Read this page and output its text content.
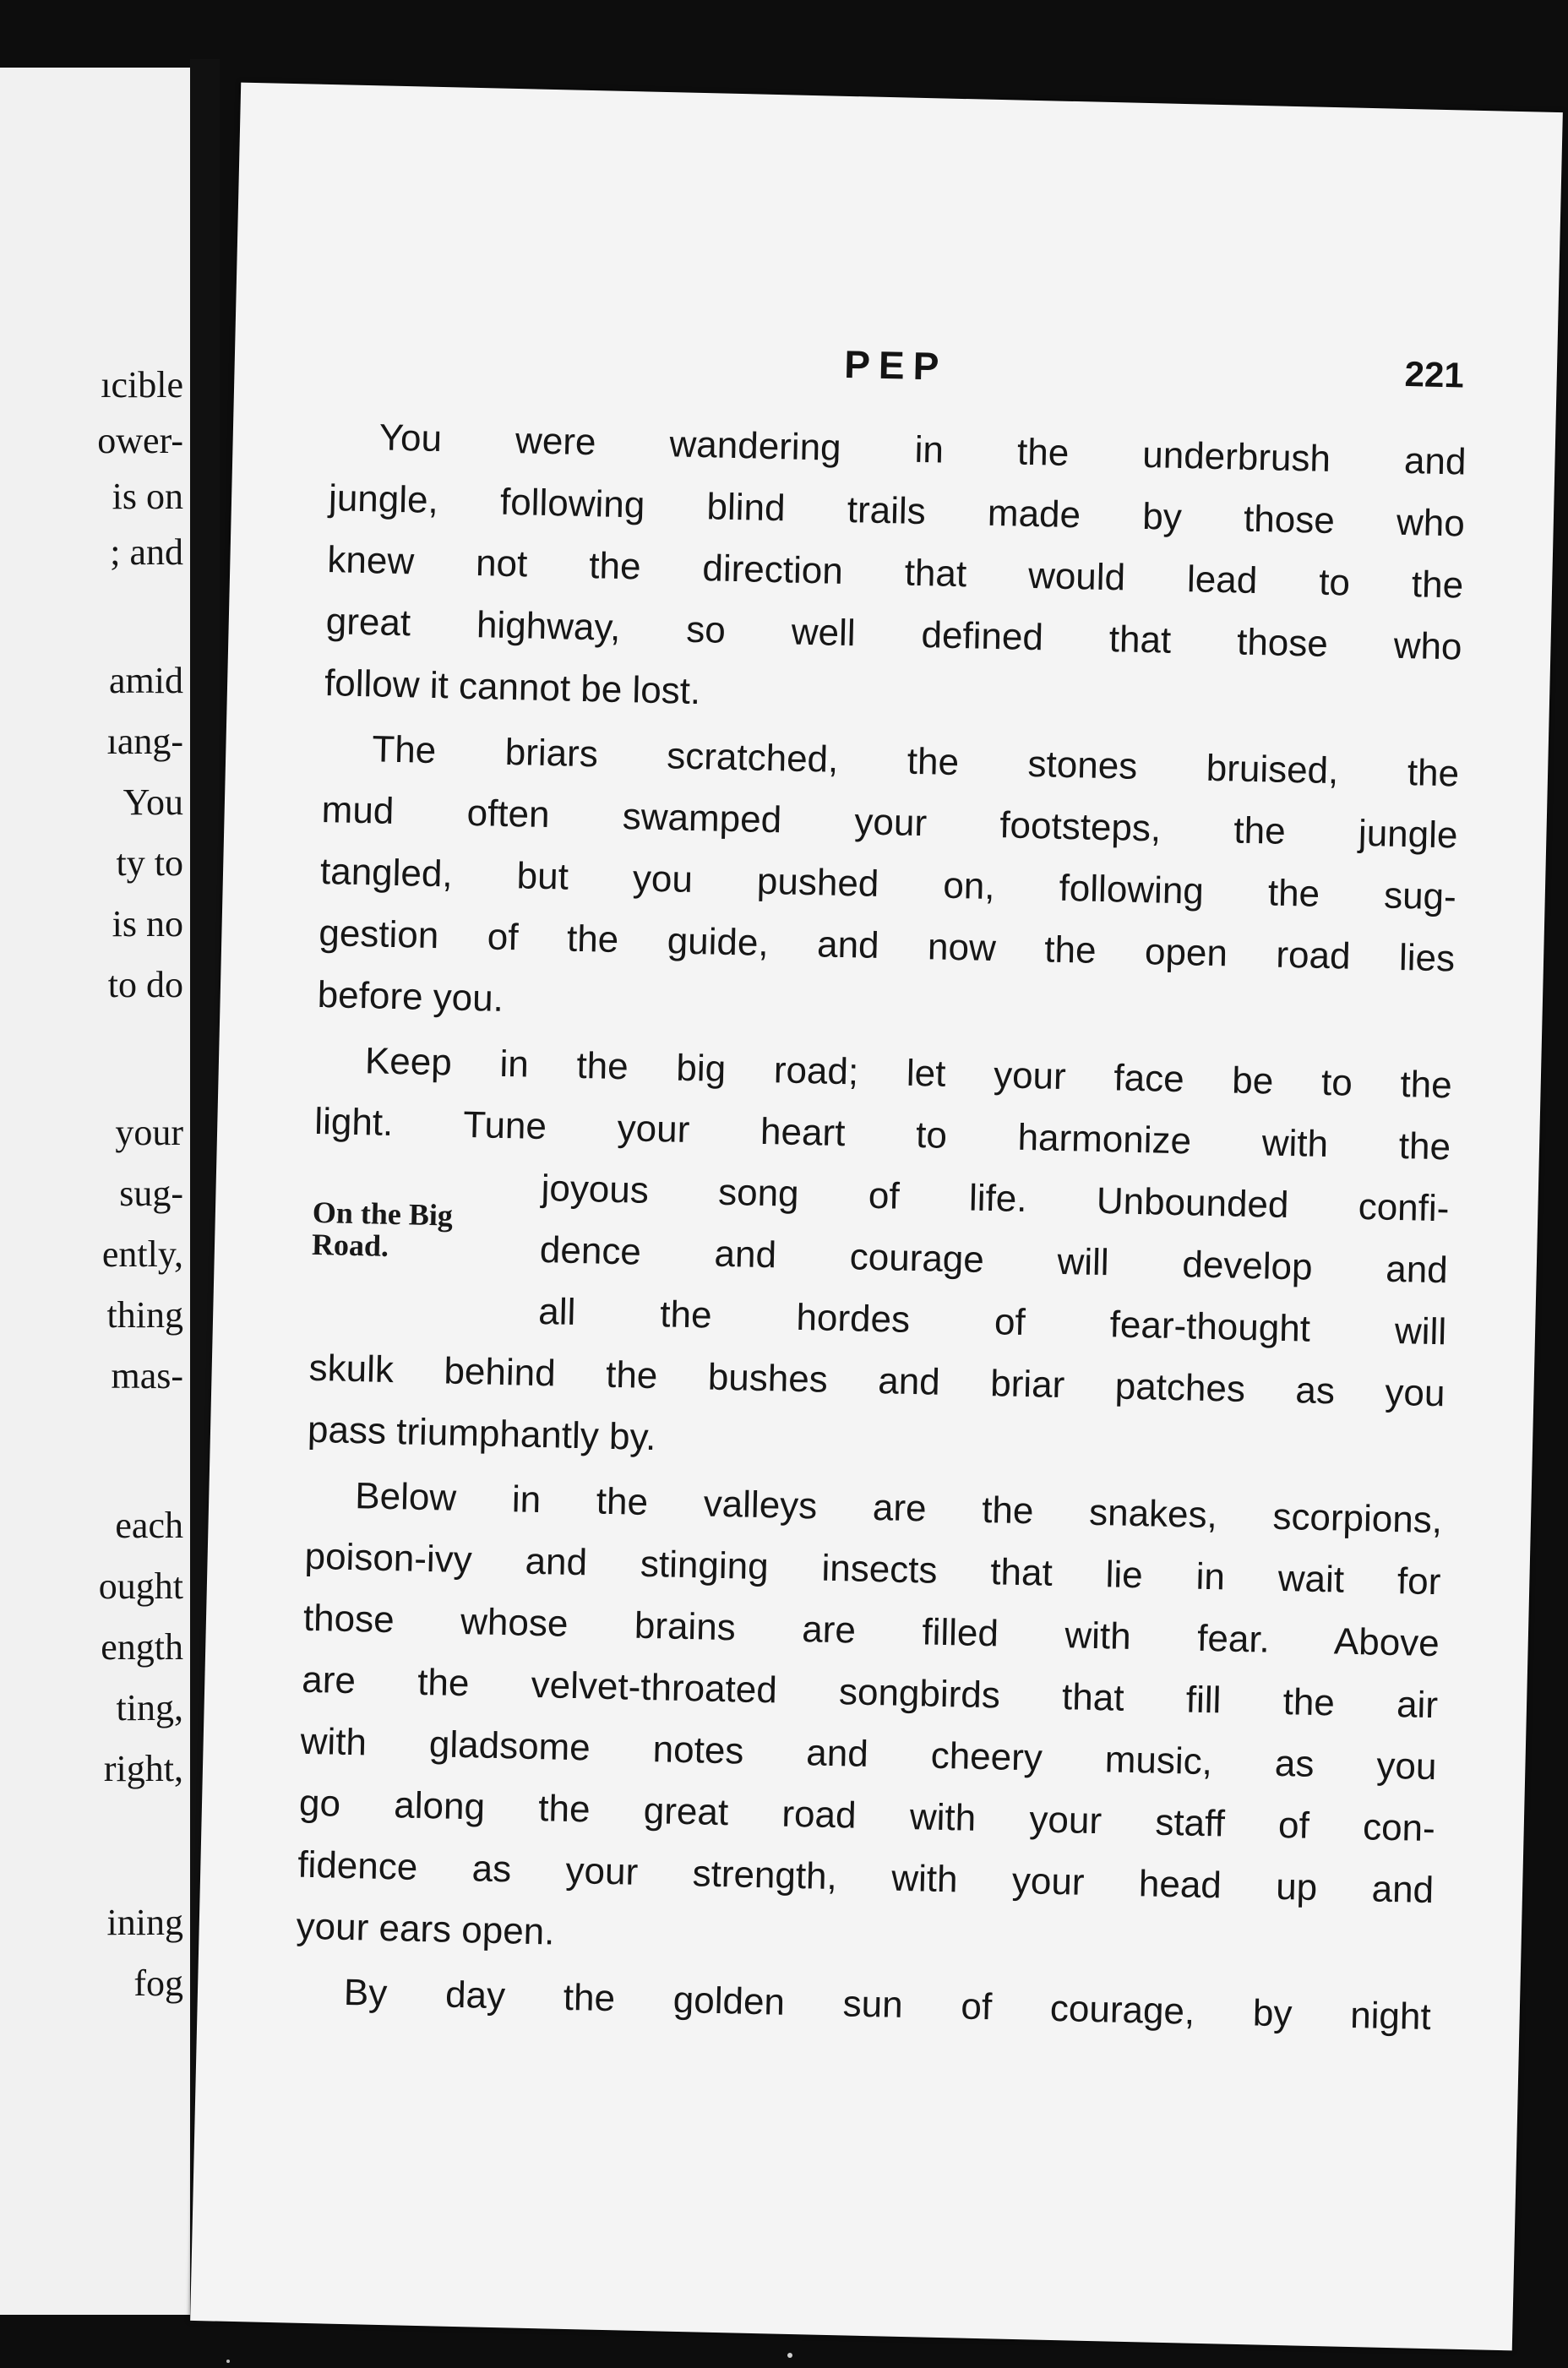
ıcible
ower-
is on
; and
amid
ıang-
You
ty to
is no
to do
your
sug-
ently,
thing
mas-
each
ought
ength
ting,
right,
ining
fog
PEP	221
You were wandering in the underbrush and
jungle, following blind trails made by those who
knew not the direction that would lead to the
great highway, so well defined that those who
follow it cannot be lost.
The briars scratched, the stones bruised, the
mud often swamped your footsteps, the jungle
tangled, but you pushed on, following the sug-
gestion of the guide, and now the open road lies
before you.
Keep in the big road; let your face be to the
light. Tune your heart to harmonize with the
On the Big
Road.
joyous song of life. Unbounded confi-
dence and courage will develop and
all the hordes of fear-thought will
skulk behind the bushes and briar patches as you
pass triumphantly by.
Below in the valleys are the snakes, scorpions,
poison-ivy and stinging insects that lie in wait for
those whose brains are filled with fear. Above
are the velvet-throated songbirds that fill the air
with gladsome notes and cheery music, as you
go along the great road with your staff of con-
fidence as your strength, with your head up and
your ears open.
By day the golden sun of courage, by night
